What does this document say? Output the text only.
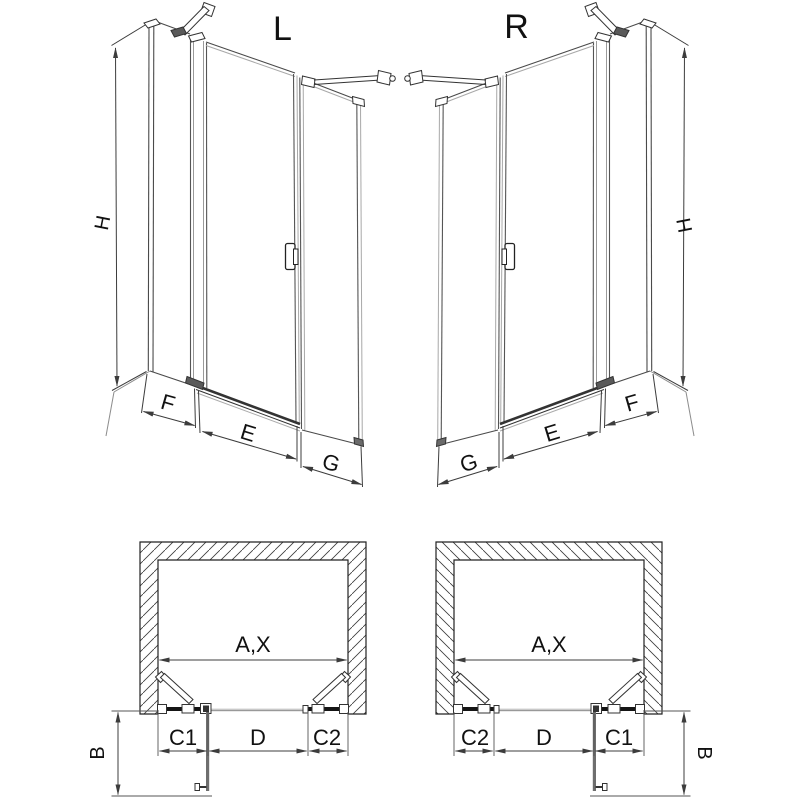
L
H
F
E
G
R
H
G
E
F
A,X
C1 D C2
B
A,X
C2 D C1
B
